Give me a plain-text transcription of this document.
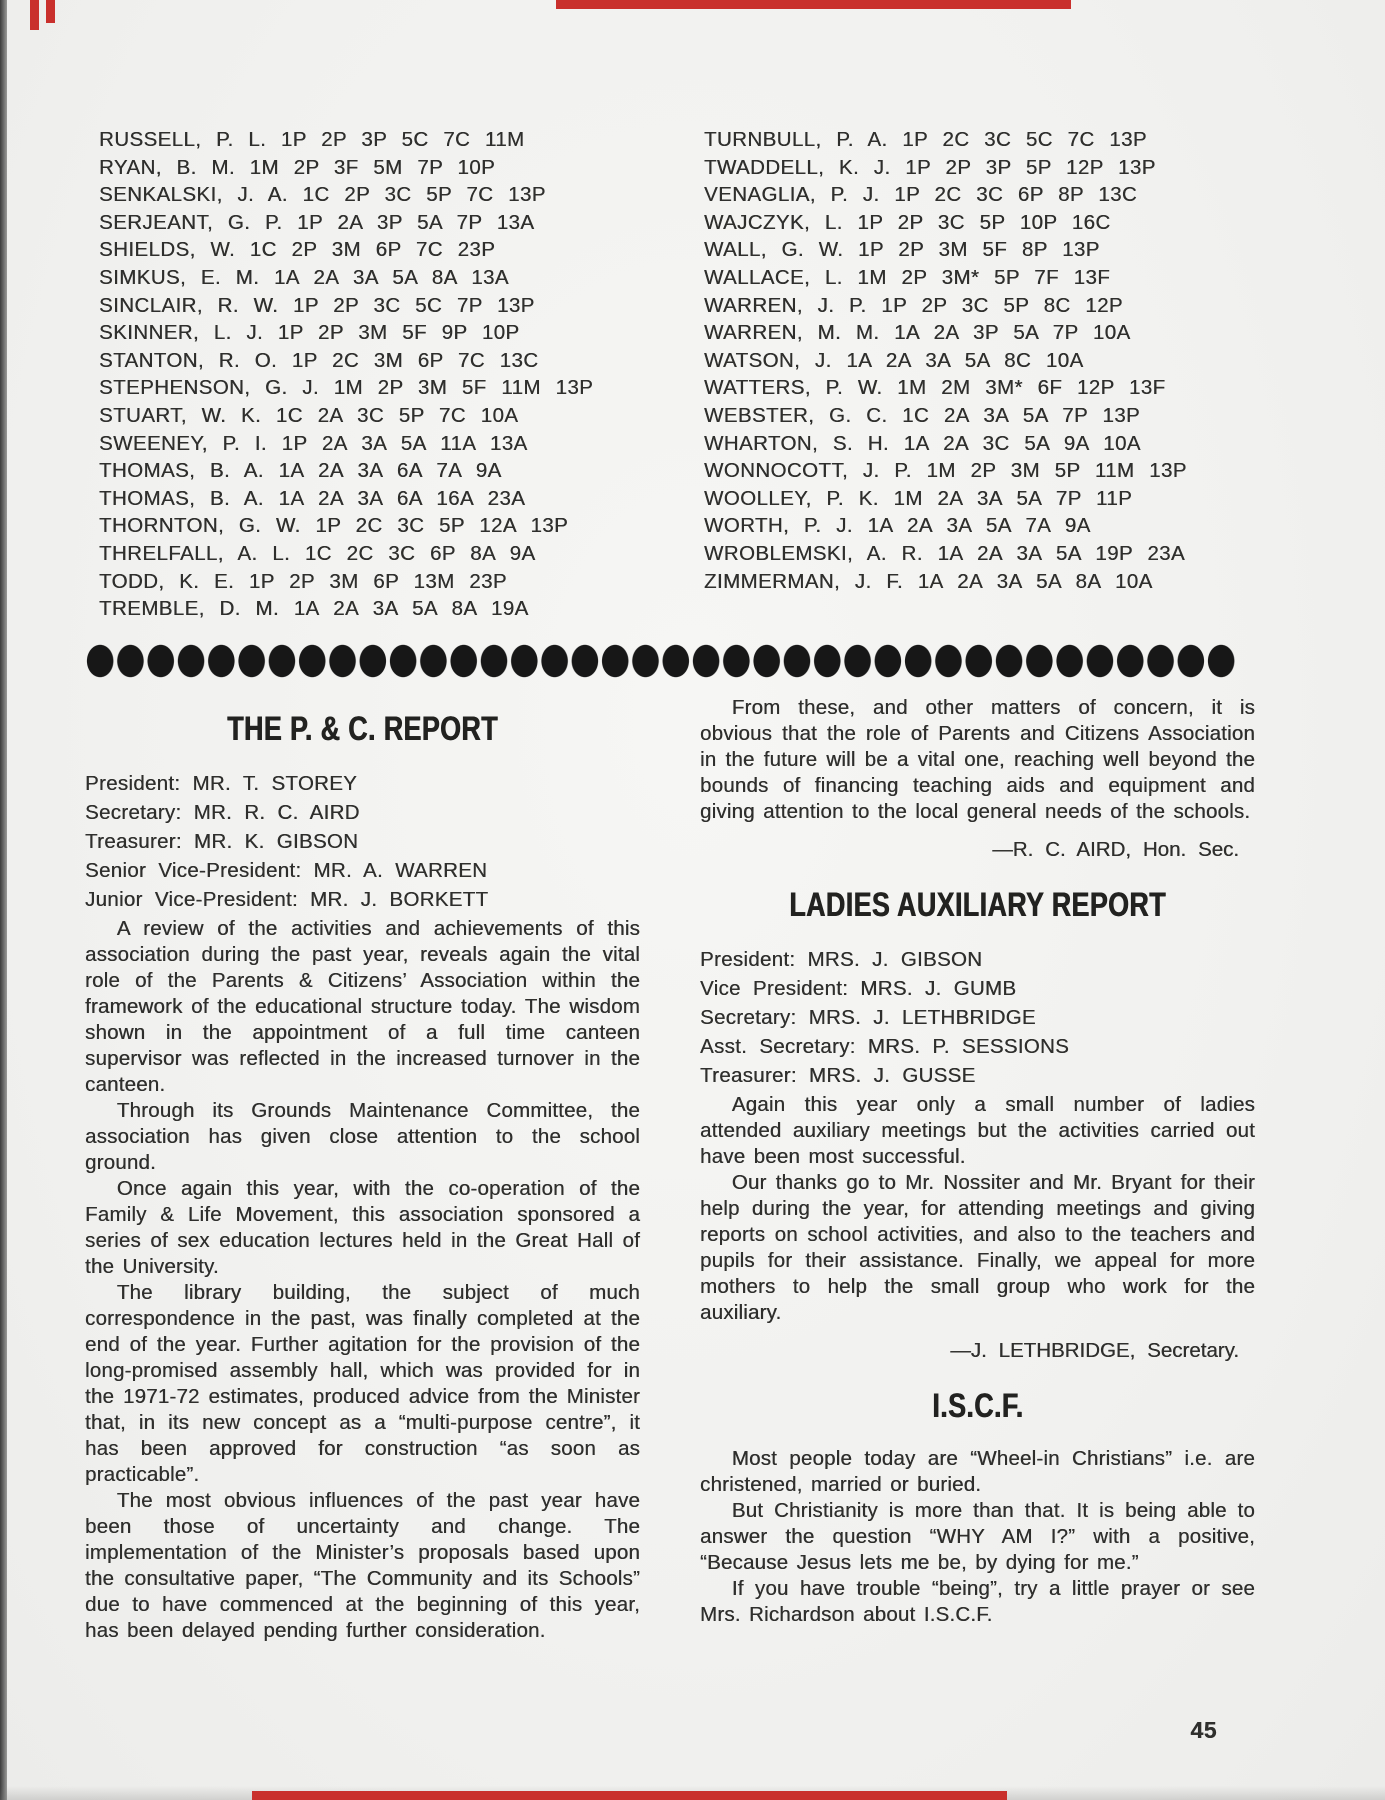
RUSSELL, P. L. 1P 2P 3P 5C 7C 11M
RYAN, B. M. 1M 2P 3F 5M 7P 10P
SENKALSKI, J. A. 1C 2P 3C 5P 7C 13P
SERJEANT, G. P. 1P 2A 3P 5A 7P 13A
SHIELDS, W. 1C 2P 3M 6P 7C 23P
SIMKUS, E. M. 1A 2A 3A 5A 8A 13A
SINCLAIR, R. W. 1P 2P 3C 5C 7P 13P
SKINNER, L. J. 1P 2P 3M 5F 9P 10P
STANTON, R. O. 1P 2C 3M 6P 7C 13C
STEPHENSON, G. J. 1M 2P 3M 5F 11M 13P
STUART, W. K. 1C 2A 3C 5P 7C 10A
SWEENEY, P. I. 1P 2A 3A 5A 11A 13A
THOMAS, B. A. 1A 2A 3A 6A 7A 9A
THOMAS, B. A. 1A 2A 3A 6A 16A 23A
THORNTON, G. W. 1P 2C 3C 5P 12A 13P
THRELFALL, A. L. 1C 2C 3C 6P 8A 9A
TODD, K. E. 1P 2P 3M 6P 13M 23P
TREMBLE, D. M. 1A 2A 3A 5A 8A 19A
TURNBULL, P. A. 1P 2C 3C 5C 7C 13P
TWADDELL, K. J. 1P 2P 3P 5P 12P 13P
VENAGLIA, P. J. 1P 2C 3C 6P 8P 13C
WAJCZYK, L. 1P 2P 3C 5P 10P 16C
WALL, G. W. 1P 2P 3M 5F 8P 13P
WALLACE, L. 1M 2P 3M* 5P 7F 13F
WARREN, J. P. 1P 2P 3C 5P 8C 12P
WARREN, M. M. 1A 2A 3P 5A 7P 10A
WATSON, J. 1A 2A 3A 5A 8C 10A
WATTERS, P. W. 1M 2M 3M* 6F 12P 13F
WEBSTER, G. C. 1C 2A 3A 5A 7P 13P
WHARTON, S. H. 1A 2A 3C 5A 9A 10A
WONNOCOTT, J. P. 1M 2P 3M 5P 11M 13P
WOOLLEY, P. K. 1M 2A 3A 5A 7P 11P
WORTH, P. J. 1A 2A 3A 5A 7A 9A
WROBLEMSKI, A. R. 1A 2A 3A 5A 19P 23A
ZIMMERMAN, J. F. 1A 2A 3A 5A 8A 10A
THE P. & C. REPORT
President: MR. T. STOREY
Secretary: MR. R. C. AIRD
Treasurer: MR. K. GIBSON
Senior Vice-President: MR. A. WARREN
Junior Vice-President: MR. J. BORKETT
A review of the activities and achievements of this association during the past year, reveals again the vital role of the Parents & Citizens’ Association within the framework of the educational structure today. The wisdom shown in the appointment of a full time canteen supervisor was reflected in the increased turnover in the canteen.
Through its Grounds Maintenance Committee, the association has given close attention to the school ground.
Once again this year, with the co-operation of the Family & Life Movement, this association sponsored a series of sex education lectures held in the Great Hall of the University.
The library building, the subject of much correspondence in the past, was finally completed at the end of the year. Further agitation for the provision of the long-promised assembly hall, which was provided for in the 1971-72 estimates, produced advice from the Minister that, in its new concept as a “multi-purpose centre”, it has been approved for construction “as soon as practicable”.
The most obvious influences of the past year have been those of uncertainty and change. The implementation of the Minister’s proposals based upon the consultative paper, “The Community and its Schools” due to have commenced at the beginning of this year, has been delayed pending further consideration.

From these, and other matters of concern, it is obvious that the role of Parents and Citizens Association in the future will be a vital one, reaching well beyond the bounds of financing teaching aids and equipment and giving attention to the local general needs of the schools.

—R. C. AIRD, Hon. Sec.
LADIES AUXILIARY REPORT
President: MRS. J. GIBSON
Vice President: MRS. J. GUMB
Secretary: MRS. J. LETHBRIDGE
Asst. Secretary: MRS. P. SESSIONS
Treasurer: MRS. J. GUSSE
Again this year only a small number of ladies attended auxiliary meetings but the activities carried out have been most successful.
Our thanks go to Mr. Nossiter and Mr. Bryant for their help during the year, for attending meetings and giving reports on school activities, and also to the teachers and pupils for their assistance. Finally, we appeal for more mothers to help the small group who work for the auxiliary.
—J. LETHBRIDGE, Secretary.
I.S.C.F.
Most people today are “Wheel-in Christians” i.e. are christened, married or buried.
But Christianity is more than that. It is being able to answer the question “WHY AM I?” with a positive, “Because Jesus lets me be, by dying for me.”
If you have trouble “being”, try a little prayer or see Mrs. Richardson about I.S.C.F.
45
